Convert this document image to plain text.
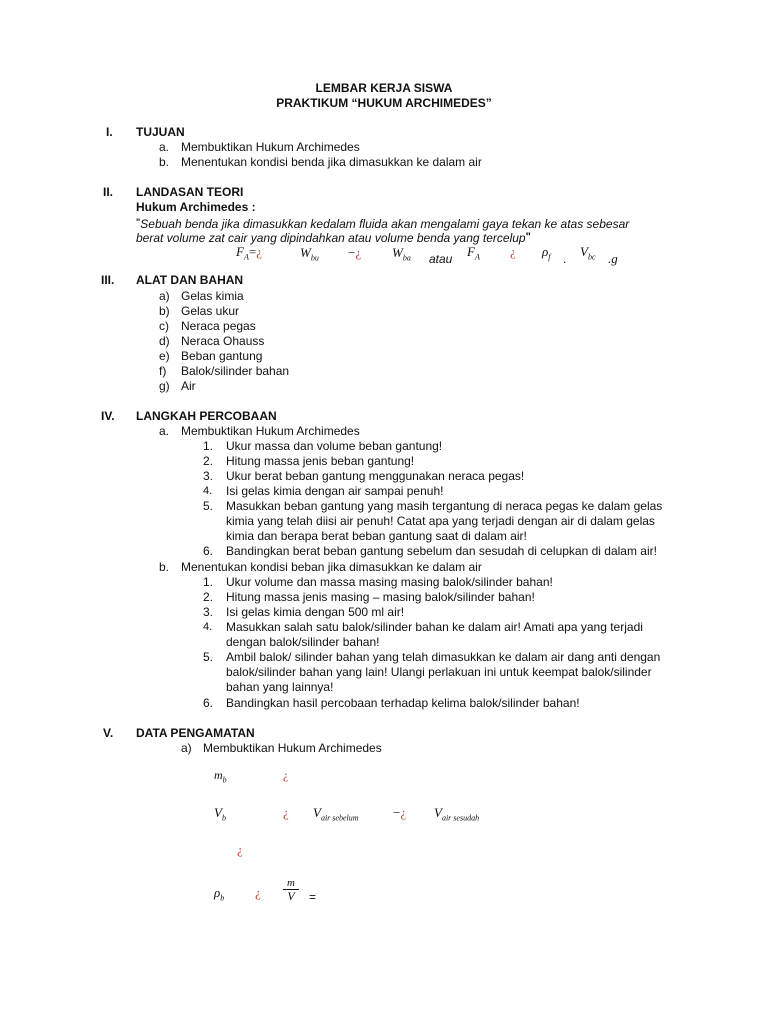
LEMBAR KERJA SISWA
PRAKTIKUM “HUKUM ARCHIMEDES”
I. TUJUAN
a. Membuktikan Hukum Archimedes
b. Menentukan kondisi benda jika dimasukkan ke dalam air
II. LANDASAN TEORI
Hukum Archimedes :
"Sebuah benda jika dimasukkan kedalam fluida akan mengalami gaya tekan ke atas sebesar
berat volume zat cair yang dipindahkan atau volume benda yang tercelup"
$F_A=¿$	$W_{bu}$ −¿ $W_{ba}$ atau $F_A$ ¿ $\rho_f$ . $V_{bc}$ .g
III. ALAT DAN BAHAN
a) Gelas kimia
b) Gelas ukur
c) Neraca pegas
d) Neraca Ohauss
e) Beban gantung
f) Balok/silinder bahan
g) Air
IV. LANGKAH PERCOBAAN
a. Membuktikan Hukum Archimedes
1. Ukur massa dan volume beban gantung!
2. Hitung massa jenis beban gantung!
3. Ukur berat beban gantung menggunakan neraca pegas!
4. Isi gelas kimia dengan air sampai penuh!
5. Masukkan beban gantung yang masih tergantung di neraca pegas ke dalam gelas
kimia yang telah diisi air penuh! Catat apa yang terjadi dengan air di dalam gelas
kimia dan berapa berat beban gantung saat di dalam air!
6. Bandingkan berat beban gantung sebelum dan sesudah di celupkan di dalam air!
b. Menentukan kondisi beban jika dimasukkan ke dalam air
1. Ukur volume dan massa masing masing balok/silinder bahan!
2. Hitung massa jenis masing – masing balok/silinder bahan!
3. Isi gelas kimia dengan 500 ml air!
4. Masukkan salah satu balok/silinder bahan ke dalam air! Amati apa yang terjadi
dengan balok/silinder bahan!
5. Ambil balok/ silinder bahan yang telah dimasukkan ke dalam air dang anti dengan
balok/silinder bahan yang lain! Ulangi perlakuan ini untuk keempat balok/silinder
bahan yang lainnya!
6. Bandingkan hasil percobaan terhadap kelima balok/silinder bahan!
V. DATA PENGAMATAN
a) Membuktikan Hukum Archimedes
$m_b$	¿
$V_b$	¿ $V_{air sebelum}$	−¿ $V_{air sesudah}$
¿
$\rho_b$ ¿ $\frac{m}{V}$ =
